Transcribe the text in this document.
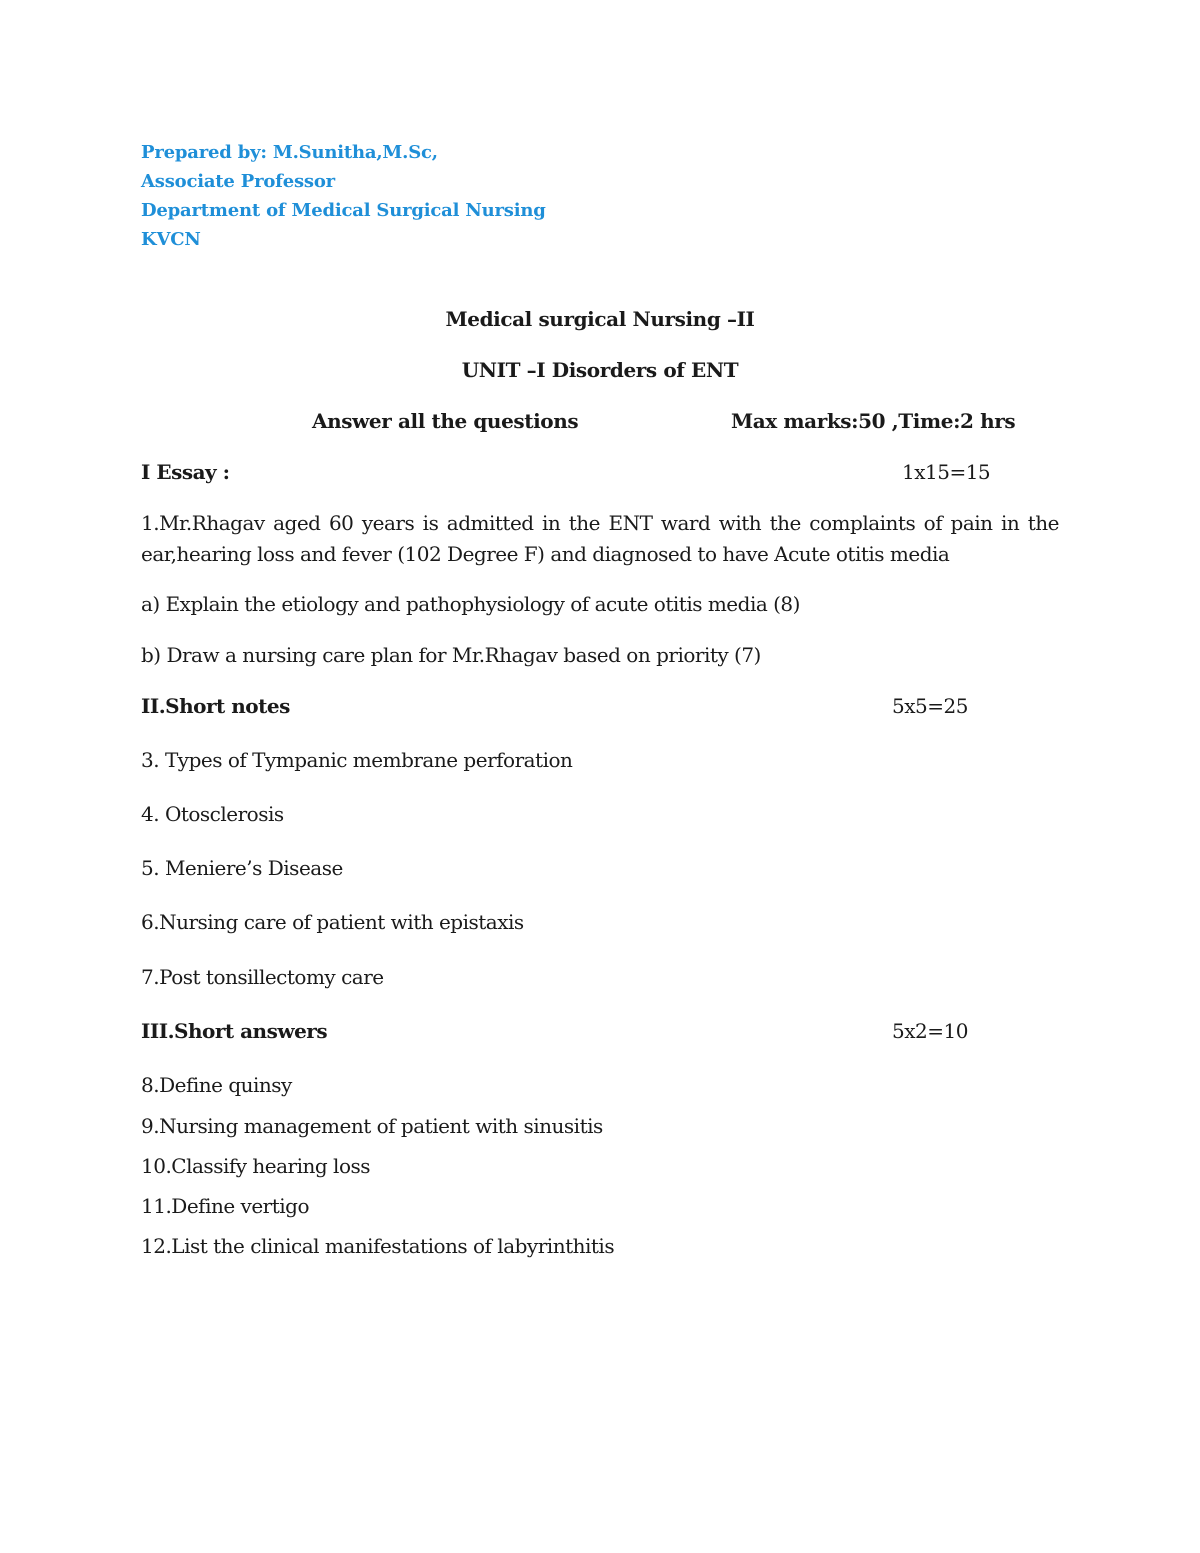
Prepared by: M.Sunitha,M.Sc,
Associate Professor
Department of Medical Surgical Nursing
KVCN
Medical surgical Nursing –II
UNIT –I Disorders of ENT
Answer all the questions	Max marks:50 ,Time:2 hrs
I Essay :	1x15=15
1.Mr.Rhagav aged 60 years is admitted in the ENT ward with the complaints of pain in the ear,hearing loss and fever (102 Degree F) and diagnosed to have Acute otitis media
a) Explain the etiology and pathophysiology of acute otitis media (8)
b) Draw a nursing care plan for Mr.Rhagav based on priority (7)
II.Short notes	5x5=25
3. Types of Tympanic membrane perforation
4. Otosclerosis
5. Meniere’s Disease
6.Nursing care of patient with epistaxis
7.Post tonsillectomy care
III.Short answers	5x2=10
8.Define quinsy
9.Nursing management of patient with sinusitis
10.Classify hearing loss
11.Define vertigo
12.List the clinical manifestations of labyrinthitis
